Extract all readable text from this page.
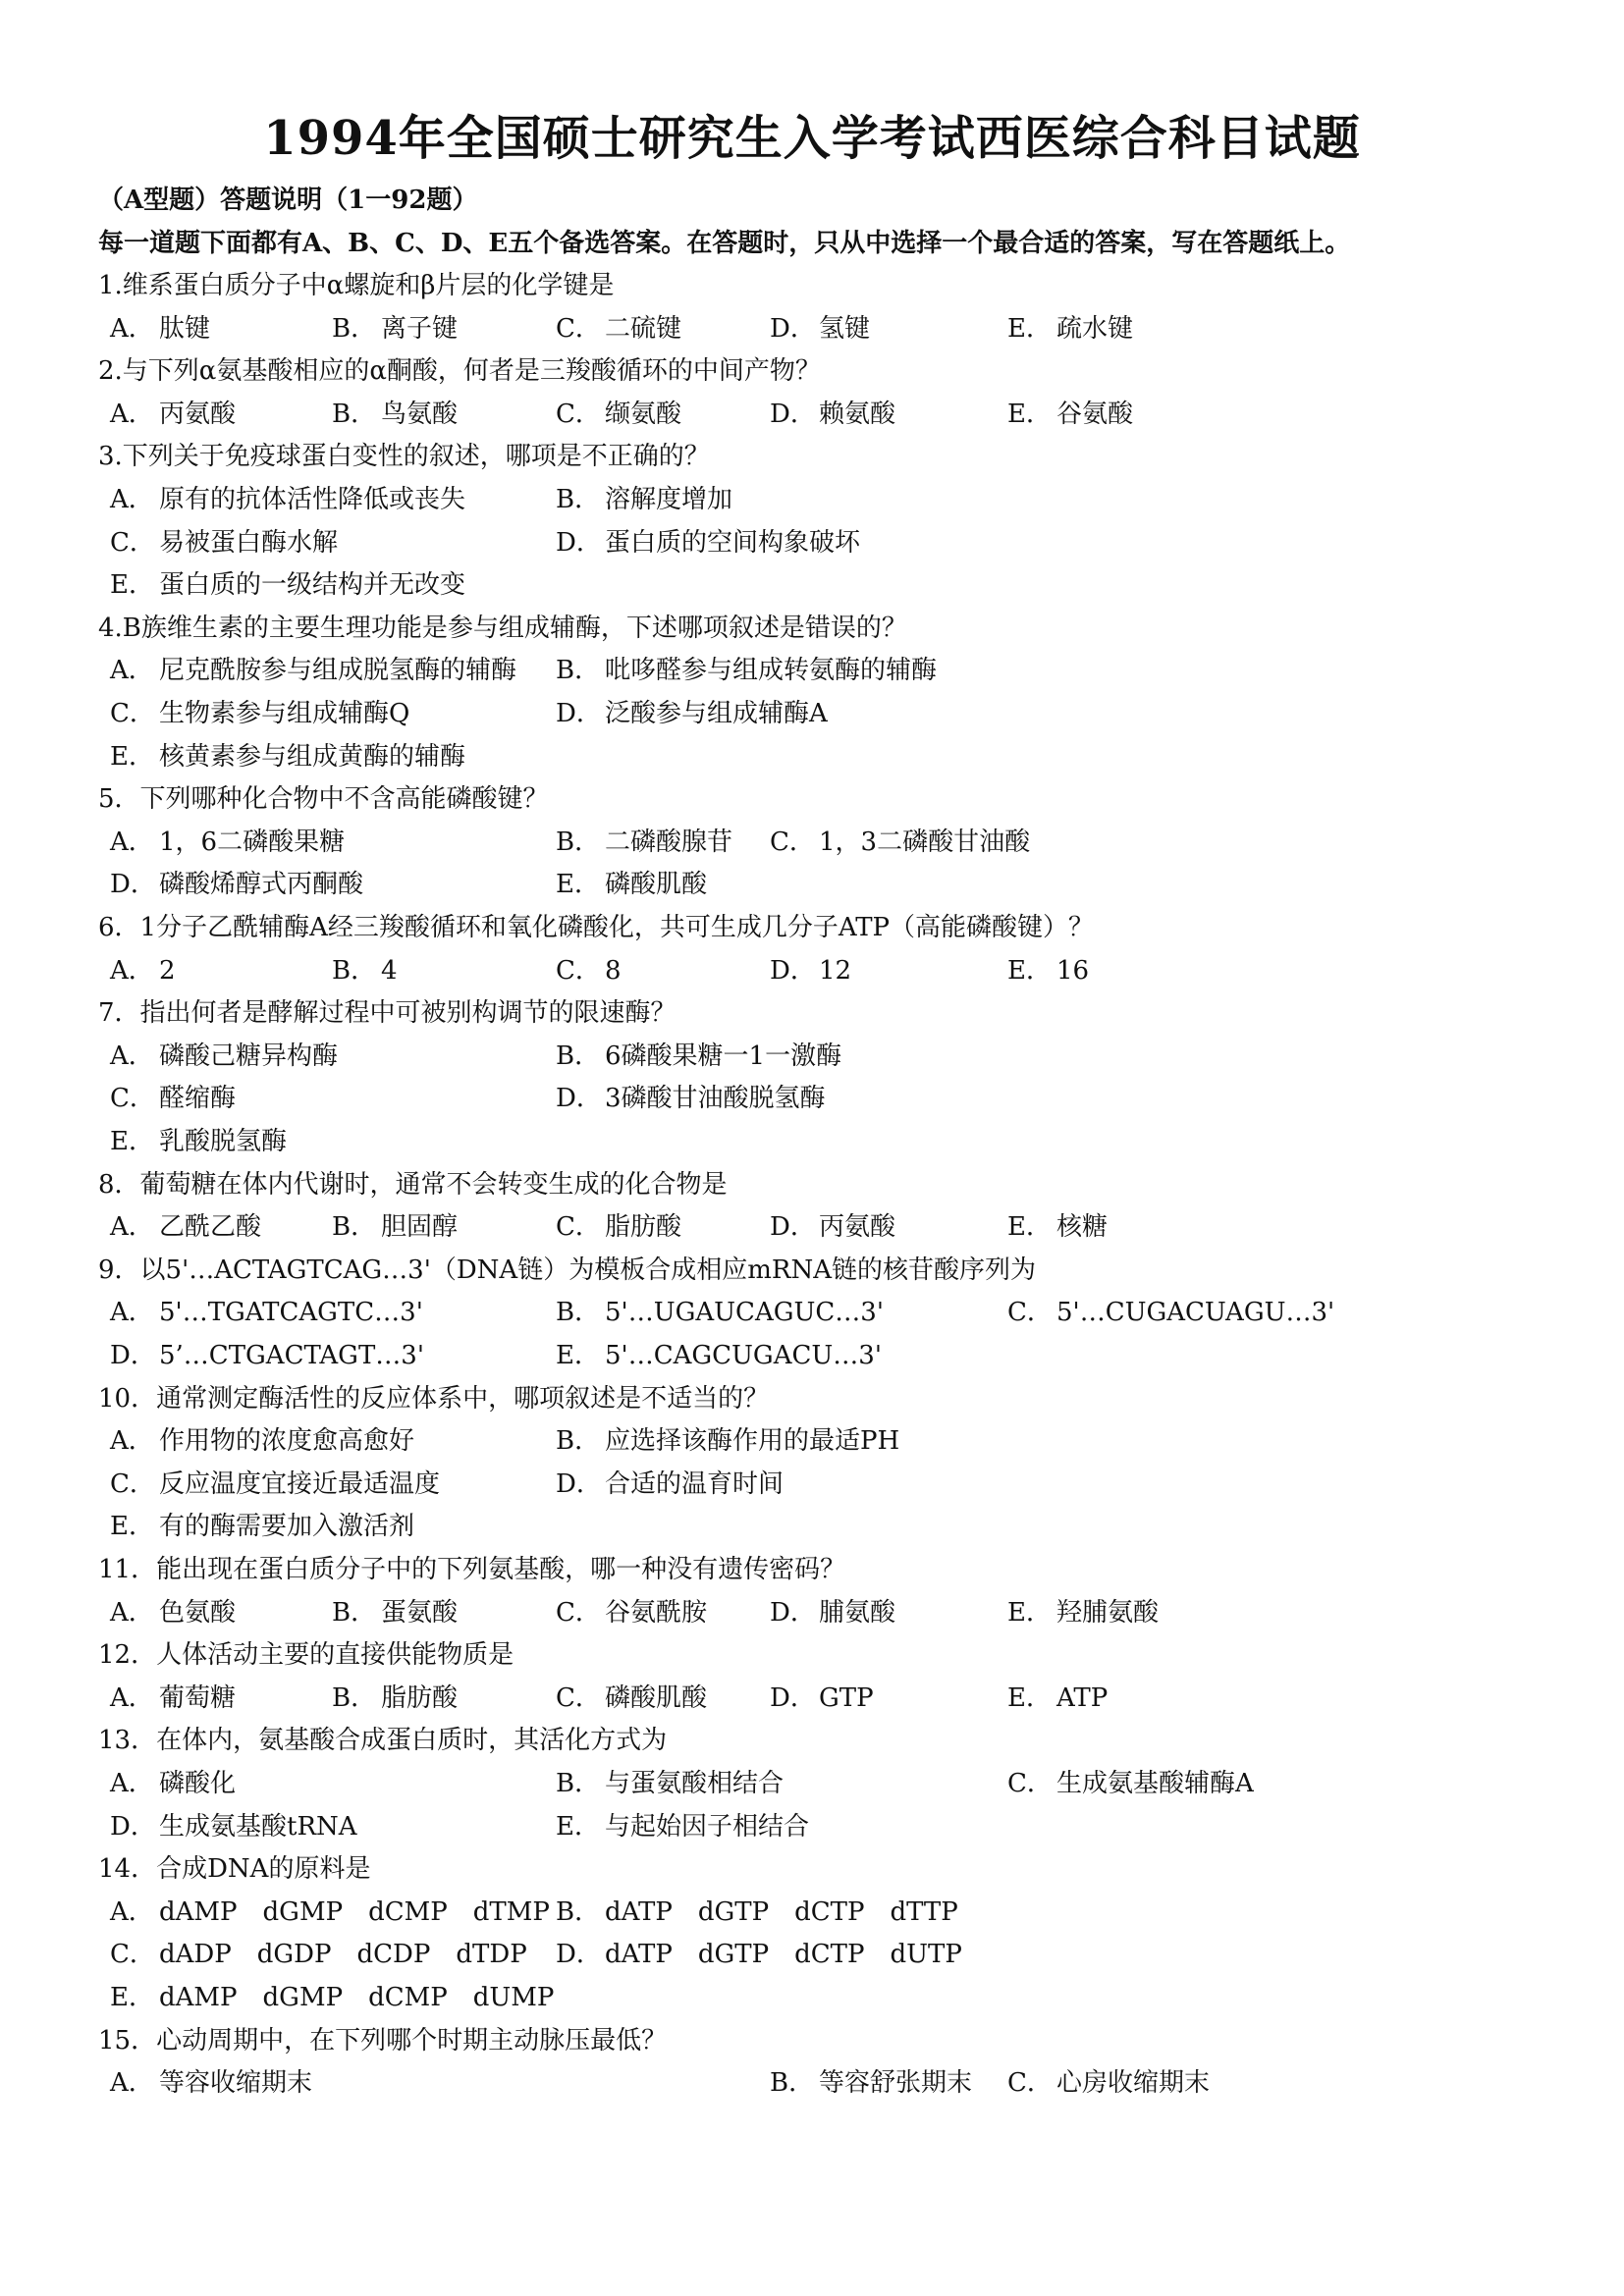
1994年全国硕士研究生入学考试西医综合科目试题
（A型题）答题说明（1一92题）
每一道题下面都有A、B、C、D、E五个备选答案。在答题时，只从中选择一个最合适的答案，写在答题纸上。
1.维系蛋白质分子中α螺旋和β片层的化学键是
A． 肽键	B． 离子键	C． 二硫键	D． 氢键	E． 疏水键
2.与下列α氨基酸相应的α酮酸，何者是三羧酸循环的中间产物？
A． 丙氨酸	B． 鸟氨酸	C． 缬氨酸	D． 赖氨酸	E． 谷氨酸
3.下列关于免疫球蛋白变性的叙述，哪项是不正确的？
A． 原有的抗体活性降低或丧失	B． 溶解度增加
C． 易被蛋白酶水解	D． 蛋白质的空间构象破坏
E． 蛋白质的一级结构并无改变
4.B族维生素的主要生理功能是参与组成辅酶，下述哪项叙述是错误的？
A． 尼克酰胺参与组成脱氢酶的辅酶 B． 吡哆醛参与组成转氨酶的辅酶
C． 生物素参与组成辅酶Q	D． 泛酸参与组成辅酶A
E． 核黄素参与组成黄酶的辅酶
5．下列哪种化合物中不含高能磷酸键？
A． 1，6二磷酸果糖	B． 二磷酸腺苷 C． 1，3二磷酸甘油酸
D． 磷酸烯醇式丙酮酸	E． 磷酸肌酸
6．1分子乙酰辅酶A经三羧酸循环和氧化磷酸化，共可生成几分子ATP（高能磷酸键）？
A． 2	B． 4	C． 8	D． 12	E． 16
7．指出何者是酵解过程中可被别构调节的限速酶？
A． 磷酸己糖异构酶	B． 6磷酸果糖一1一激酶
C． 醛缩酶	D． 3磷酸甘油酸脱氢酶
E． 乳酸脱氢酶
8．葡萄糖在体内代谢时，通常不会转变生成的化合物是
A． 乙酰乙酸	B． 胆固醇	C． 脂肪酸	D． 丙氨酸	E． 核糖
9．以5'…ACTAGTCAG…3'（DNA链）为模板合成相应mRNA链的核苷酸序列为
A． 5'…TGATCAGTC…3'	B． 5'…UGAUCAGUC…3'	C． 5'…CUGACUAGU…3'
D． 5’…CTGACTAGT…3'	E． 5'…CAGCUGACU…3'
10．通常测定酶活性的反应体系中，哪项叙述是不适当的？
A． 作用物的浓度愈高愈好	B． 应选择该酶作用的最适PH
C． 反应温度宜接近最适温度	D． 合适的温育时间
E． 有的酶需要加入激活剂
11．能出现在蛋白质分子中的下列氨基酸，哪一种没有遗传密码？
A． 色氨酸	B． 蛋氨酸	C． 谷氨酰胺 D． 脯氨酸	E． 羟脯氨酸
12．人体活动主要的直接供能物质是
A． 葡萄糖	B． 脂肪酸	C． 磷酸肌酸 D． GTP	E． ATP
13．在体内，氨基酸合成蛋白质时，其活化方式为
A． 磷酸化	B． 与蛋氨酸相结合	C． 生成氨基酸辅酶A
D． 生成氨基酸tRNA	E． 与起始因子相结合
14．合成DNA的原料是
A． dAMP　dGMP　dCMP　dTMP B． dATP　dGTP　dCTP　dTTP
C． dADP　dGDP　dCDP　dTDP D． dATP　dGTP　dCTP　dUTP
E． dAMP　dGMP　dCMP　dUMP
15．心动周期中，在下列哪个时期主动脉压最低？
A． 等容收缩期末	B． 等容舒张期末 C． 心房收缩期末
